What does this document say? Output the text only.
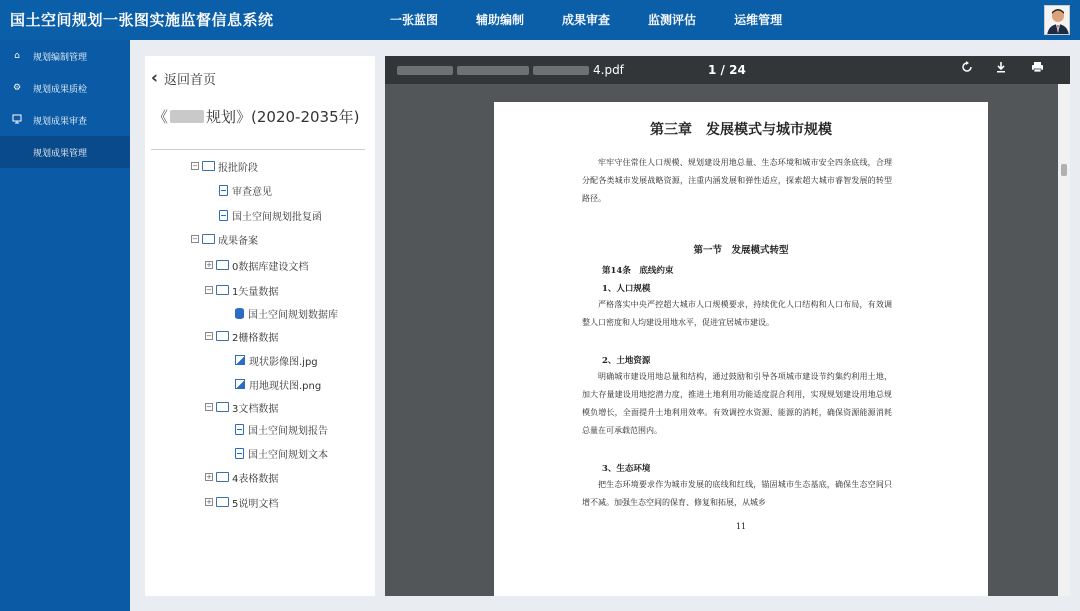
国土空间规划一张图实施监督信息系统	一张蓝图	辅助编制	成果审查	监测评估	运维管理
⌂	规划编制管理
⚙	规划成果质检
规划成果审查
规划成果管理
‹ 返回首页
《	规划》(2020-2035年)
− 报批阶段
审查意见
国土空间规划批复函
− 成果备案
+ 0数据库建设文档
− 1矢量数据
国土空间规划数据库
− 2栅格数据
现状影像图.jpg
用地现状图.png
− 3文档数据
国土空间规划报告
国土空间规划文本
+ 4表格数据
+ 5说明文档
4.pdf	1 / 24
第三章　发展模式与城市规模
牢牢守住常住人口规模、规划建设用地总量、生态环境和城市安全四条底线，合理分配各类城市发展战略资源，注重内涵发展和弹性适应，探索超大城市睿智发展的转型路径。
第一节　发展模式转型
第14条　底线约束
1、人口规模
严格落实中央严控超大城市人口规模要求，持续优化人口结构和人口布局，有效调整人口密度和人均建设用地水平，促进宜居城市建设。
2、土地资源
明确城市建设用地总量和结构，通过鼓励和引导各项城市建设节约集约利用土地，加大存量建设用地挖潜力度，推进土地利用功能适度混合利用，实现规划建设用地总规模负增长，全面提升土地利用效率。有效调控水资源、能源的消耗，确保资源能源消耗总量在可承载范围内。
3、生态环境
把生态环境要求作为城市发展的底线和红线，锚固城市生态基底，确保生态空间只增不减。加强生态空间的保育、修复和拓展，从城乡
11
